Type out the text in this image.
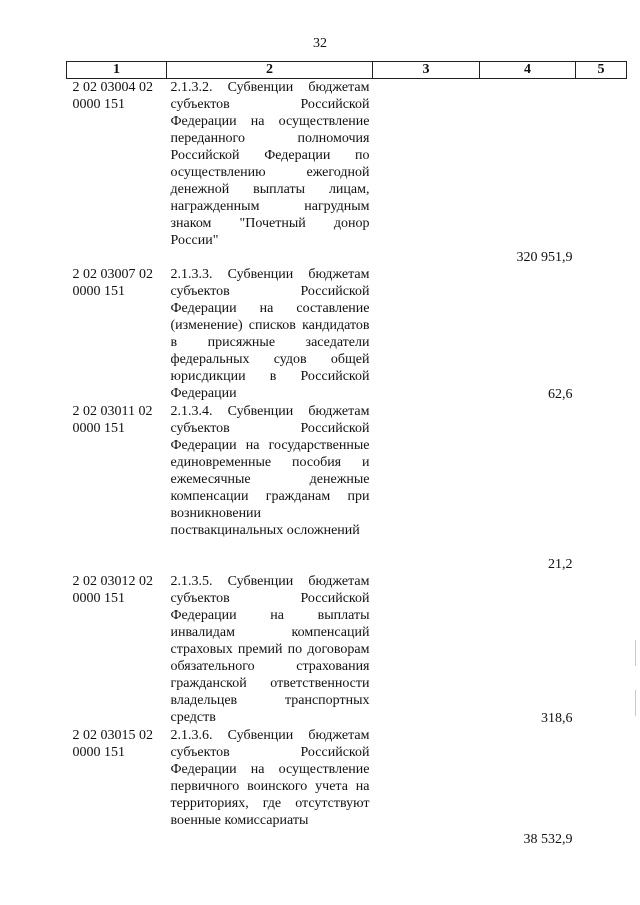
32
1	2	3	4	5
2 02 03004 02
0000 151	2.1.3.2. Субвенции бюджетам субъектов Российской Федерации на осуществление переданного полномочия Российской Федерации по осуществлению ежегодной денежной выплаты лицам, награжденным нагрудным знаком "Почетный донор России"		320 951,9	
2 02 03007 02
0000 151	2.1.3.3. Субвенции бюджетам субъектов Российской Федерации на составление (изменение) списков кандидатов в присяжные заседатели федеральных судов общей юрисдикции в Российской Федерации		62,6	
2 02 03011 02
0000 151	2.1.3.4. Субвенции бюджетам субъектов Российской Федерации на государственные единовременные пособия и ежемесячные денежные компенсации гражданам при возникновении поствакцинальных осложнений		21,2	
2 02 03012 02
0000 151	2.1.3.5. Субвенции бюджетам субъектов Российской Федерации на выплаты инвалидам компенсаций страховых премий по договорам обязательного страхования гражданской ответственности владельцев транспортных средств		318,6	
2 02 03015 02
0000 151	2.1.3.6. Субвенции бюджетам субъектов Российской Федерации на осуществление первичного воинского учета на территориях, где отсутствуют военные комиссариаты		38 532,9	
